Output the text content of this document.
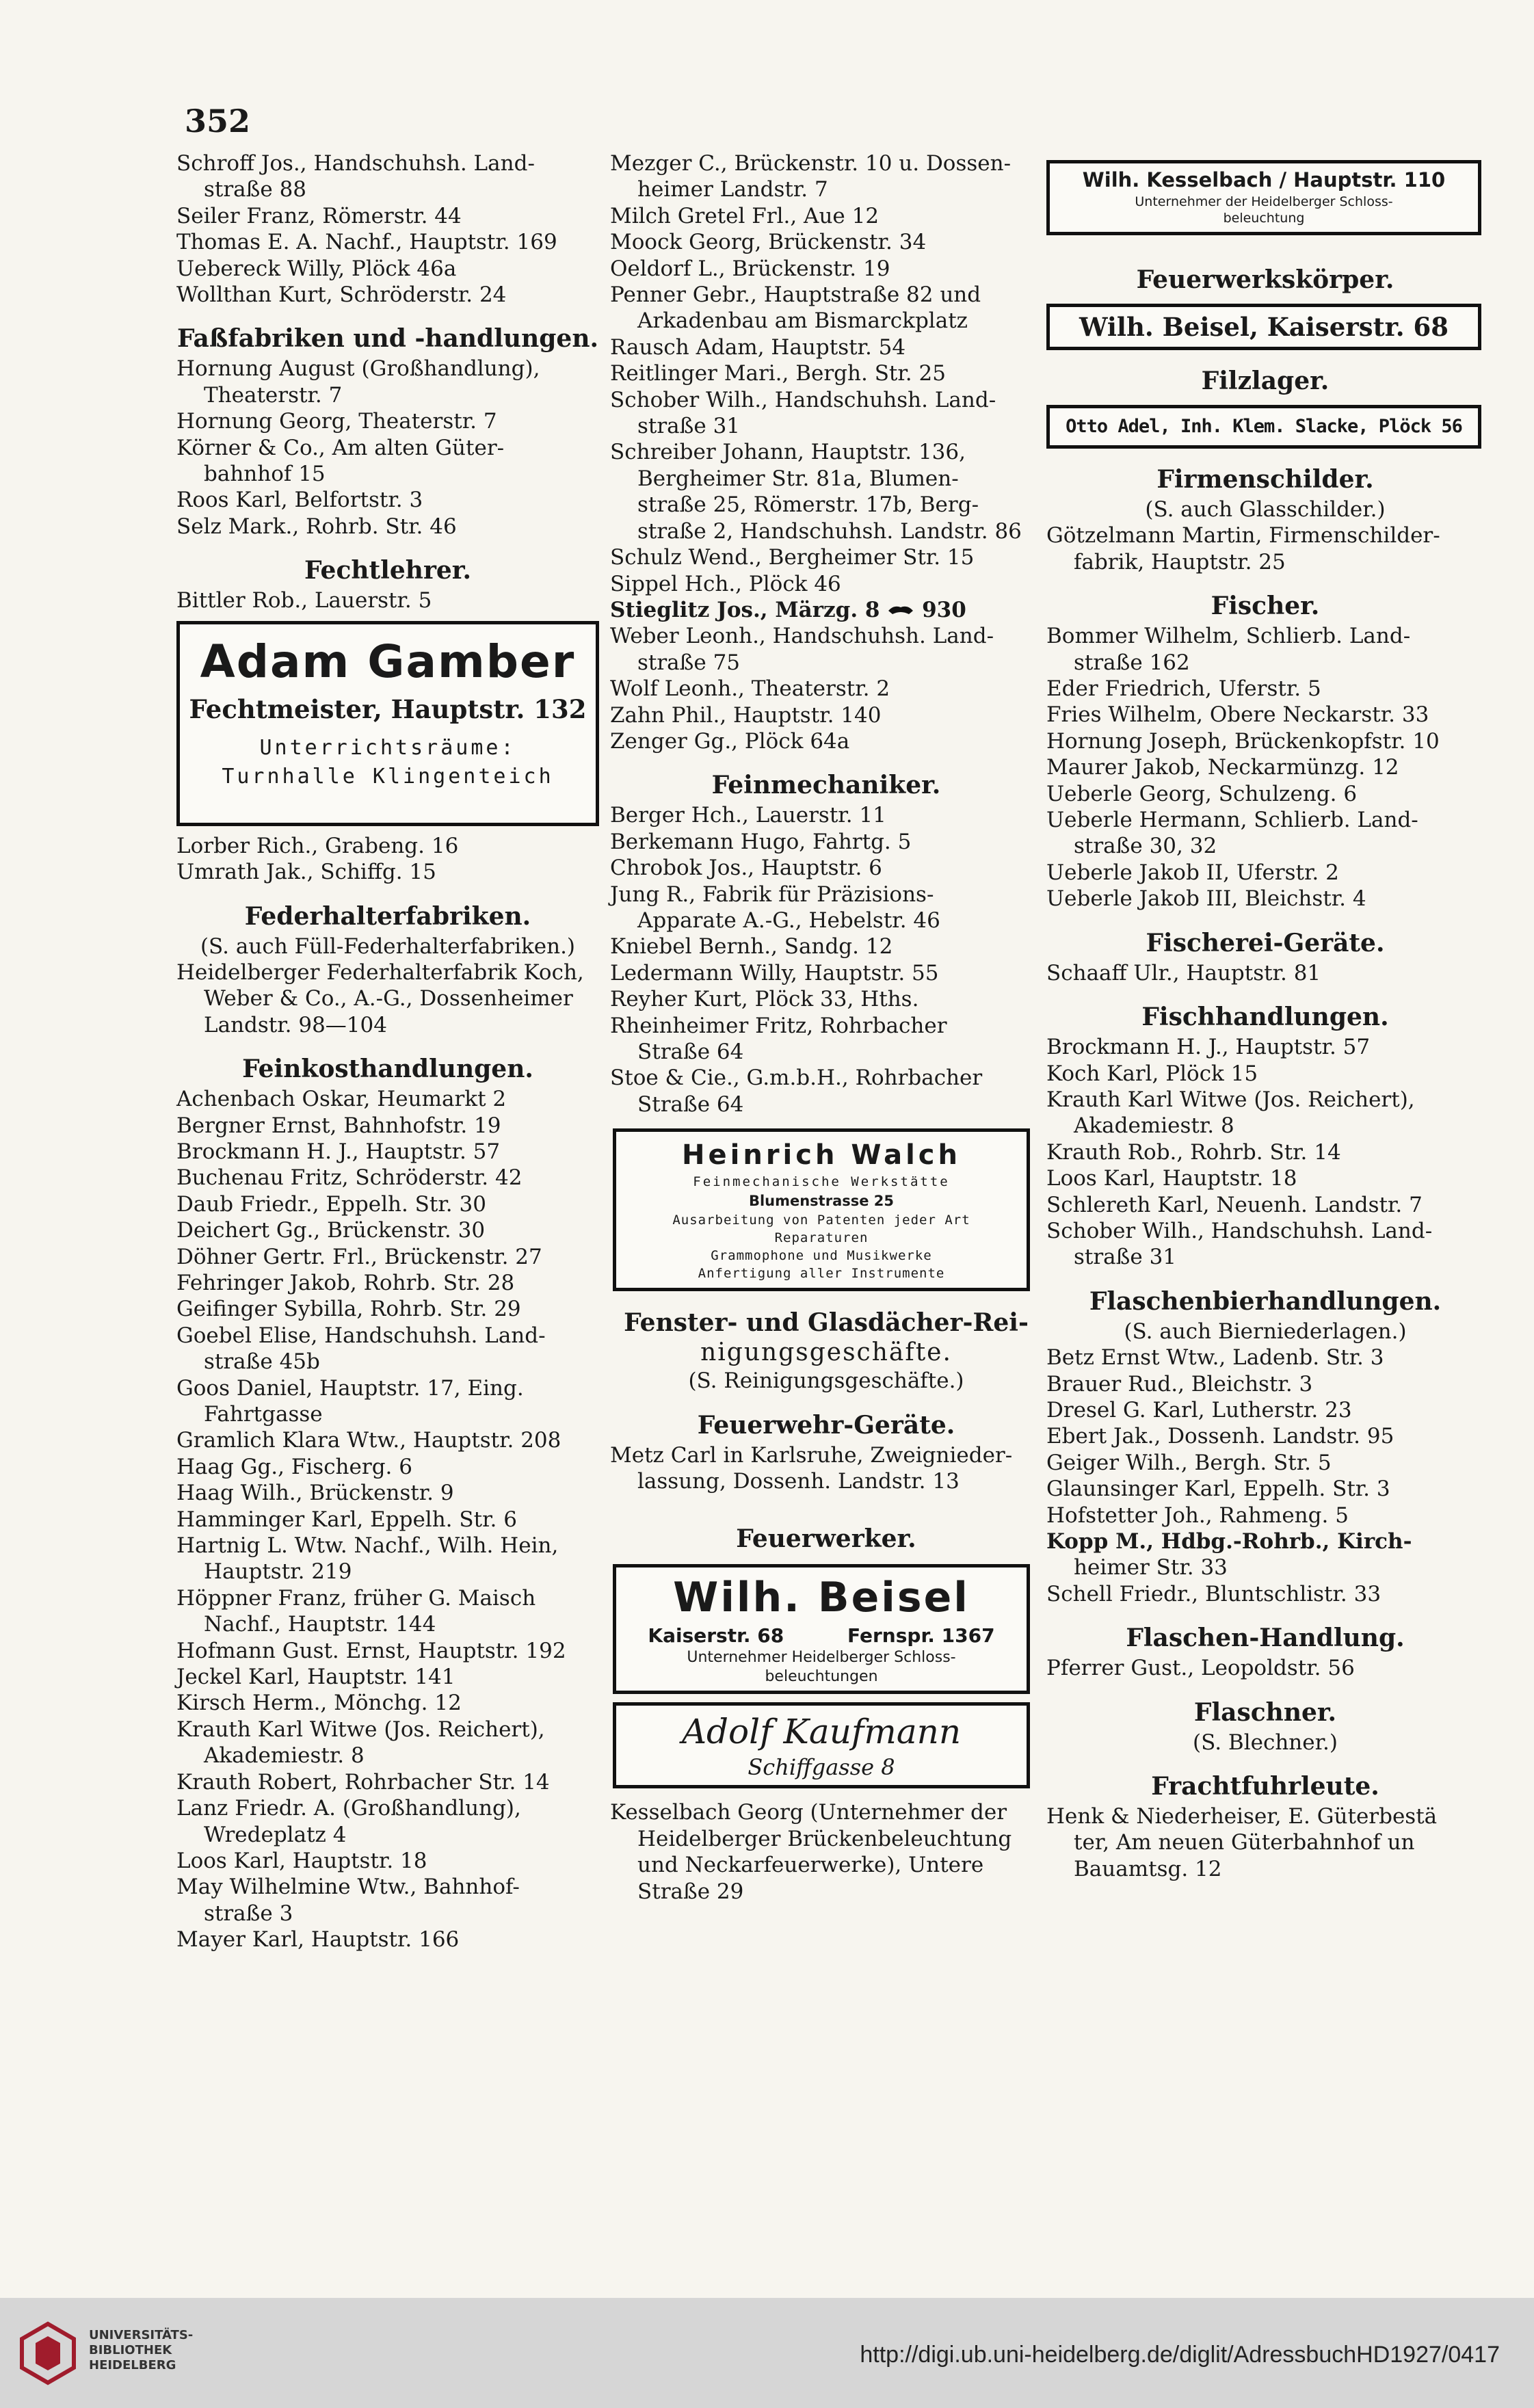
352
Schroff Jos., Handschuhsh. Land-
straße 88
Seiler Franz, Römerstr. 44
Thomas E. A. Nachf., Hauptstr. 169
Uebereck Willy, Plöck 46a
Wollthan Kurt, Schröderstr. 24
Faßfabriken und -handlungen.
Hornung August (Großhandlung),
Theaterstr. 7
Hornung Georg, Theaterstr. 7
Körner & Co., Am alten Güter-
bahnhof 15
Roos Karl, Belfortstr. 3
Selz Mark., Rohrb. Str. 46
Fechtlehrer.
Bittler Rob., Lauerstr. 5
Adam Gamber
Fechtmeister, Hauptstr. 132
Unterrichtsräume:
Turnhalle Klingenteich
Lorber Rich., Grabeng. 16
Umrath Jak., Schiffg. 15
Federhalterfabriken.
(S. auch Füll-Federhalterfabriken.)
Heidelberger Federhalterfabrik Koch,
Weber & Co., A.-G., Dossenheimer
Landstr. 98—104
Feinkosthandlungen.
Achenbach Oskar, Heumarkt 2
Bergner Ernst, Bahnhofstr. 19
Brockmann H. J., Hauptstr. 57
Buchenau Fritz, Schröderstr. 42
Daub Friedr., Eppelh. Str. 30
Deichert Gg., Brückenstr. 30
Döhner Gertr. Frl., Brückenstr. 27
Fehringer Jakob, Rohrb. Str. 28
Geifinger Sybilla, Rohrb. Str. 29
Goebel Elise, Handschuhsh. Land-
straße 45b
Goos Daniel, Hauptstr. 17, Eing.
Fahrtgasse
Gramlich Klara Wtw., Hauptstr. 208
Haag Gg., Fischerg. 6
Haag Wilh., Brückenstr. 9
Hamminger Karl, Eppelh. Str. 6
Hartnig L. Wtw. Nachf., Wilh. Hein,
Hauptstr. 219
Höppner Franz, früher G. Maisch
Nachf., Hauptstr. 144
Hofmann Gust. Ernst, Hauptstr. 192
Jeckel Karl, Hauptstr. 141
Kirsch Herm., Mönchg. 12
Krauth Karl Witwe (Jos. Reichert),
Akademiestr. 8
Krauth Robert, Rohrbacher Str. 14
Lanz Friedr. A. (Großhandlung),
Wredeplatz 4
Loos Karl, Hauptstr. 18
May Wilhelmine Wtw., Bahnhof-
straße 3
Mayer Karl, Hauptstr. 166
Mezger C., Brückenstr. 10 u. Dossen-
heimer Landstr. 7
Milch Gretel Frl., Aue 12
Moock Georg, Brückenstr. 34
Oeldorf L., Brückenstr. 19
Penner Gebr., Hauptstraße 82 und
Arkadenbau am Bismarckplatz
Rausch Adam, Hauptstr. 54
Reitlinger Mari., Bergh. Str. 25
Schober Wilh., Handschuhsh. Land-
straße 31
Schreiber Johann, Hauptstr. 136,
Bergheimer Str. 81a, Blumen-
straße 25, Römerstr. 17b, Berg-
straße 2, Handschuhsh. Landstr. 86
Schulz Wend., Bergheimer Str. 15
Sippel Hch., Plöck 46
Stieglitz Jos., Märzg. 8 930
Weber Leonh., Handschuhsh. Land-
straße 75
Wolf Leonh., Theaterstr. 2
Zahn Phil., Hauptstr. 140
Zenger Gg., Plöck 64a
Feinmechaniker.
Berger Hch., Lauerstr. 11
Berkemann Hugo, Fahrtg. 5
Chrobok Jos., Hauptstr. 6
Jung R., Fabrik für Präzisions-
Apparate A.-G., Hebelstr. 46
Kniebel Bernh., Sandg. 12
Ledermann Willy, Hauptstr. 55
Reyher Kurt, Plöck 33, Hths.
Rheinheimer Fritz, Rohrbacher
Straße 64
Stoe & Cie., G.m.b.H., Rohrbacher
Straße 64
Heinrich Walch
Feinmechanische Werkstätte
Blumenstrasse 25
Ausarbeitung von Patenten jeder Art
Reparaturen
Grammophone und Musikwerke
Anfertigung aller Instrumente
Fenster- und Glasdächer-Rei-
nigungsgeschäfte.
(S. Reinigungsgeschäfte.)
Feuerwehr-Geräte.
Metz Carl in Karlsruhe, Zweignieder-
lassung, Dossenh. Landstr. 13
Feuerwerker.
Wilh. Beisel
Kaiserstr. 68	Fernspr. 1367
Unternehmer Heidelberger Schloss-
beleuchtungen
Adolf Kaufmann
Schiffgasse 8
Kesselbach Georg (Unternehmer der
Heidelberger Brückenbeleuchtung
und Neckarfeuerwerke), Untere
Straße 29
Wilh. Kesselbach / Hauptstr. 110
Unternehmer der Heidelberger Schloss-
beleuchtung
Feuerwerkskörper.
Wilh. Beisel, Kaiserstr. 68
Filzlager.
Otto Adel, Inh. Klem. Slacke, Plöck 56
Firmenschilder.
(S. auch Glasschilder.)
Götzelmann Martin, Firmenschilder-
fabrik, Hauptstr. 25
Fischer.
Bommer Wilhelm, Schlierb. Land-
straße 162
Eder Friedrich, Uferstr. 5
Fries Wilhelm, Obere Neckarstr. 33
Hornung Joseph, Brückenkopfstr. 10
Maurer Jakob, Neckarmünzg. 12
Ueberle Georg, Schulzeng. 6
Ueberle Hermann, Schlierb. Land-
straße 30, 32
Ueberle Jakob II, Uferstr. 2
Ueberle Jakob III, Bleichstr. 4
Fischerei-Geräte.
Schaaff Ulr., Hauptstr. 81
Fischhandlungen.
Brockmann H. J., Hauptstr. 57
Koch Karl, Plöck 15
Krauth Karl Witwe (Jos. Reichert),
Akademiestr. 8
Krauth Rob., Rohrb. Str. 14
Loos Karl, Hauptstr. 18
Schlereth Karl, Neuenh. Landstr. 7
Schober Wilh., Handschuhsh. Land-
straße 31
Flaschenbierhandlungen.
(S. auch Bierniederlagen.)
Betz Ernst Wtw., Ladenb. Str. 3
Brauer Rud., Bleichstr. 3
Dresel G. Karl, Lutherstr. 23
Ebert Jak., Dossenh. Landstr. 95
Geiger Wilh., Bergh. Str. 5
Glaunsinger Karl, Eppelh. Str. 3
Hofstetter Joh., Rahmeng. 5
Kopp M., Hdbg.-Rohrb., Kirch-
heimer Str. 33
Schell Friedr., Bluntschlistr. 33
Flaschen-Handlung.
Pferrer Gust., Leopoldstr. 56
Flaschner.
(S. Blechner.)
Frachtfuhrleute.
Henk & Niederheiser, E. Güterbestä
ter, Am neuen Güterbahnhof un
Bauamtsg. 12
UNIVERSITÄTS-
BIBLIOTHEK
HEIDELBERG	http://digi.ub.uni-heidelberg.de/diglit/AdressbuchHD1927/0417
